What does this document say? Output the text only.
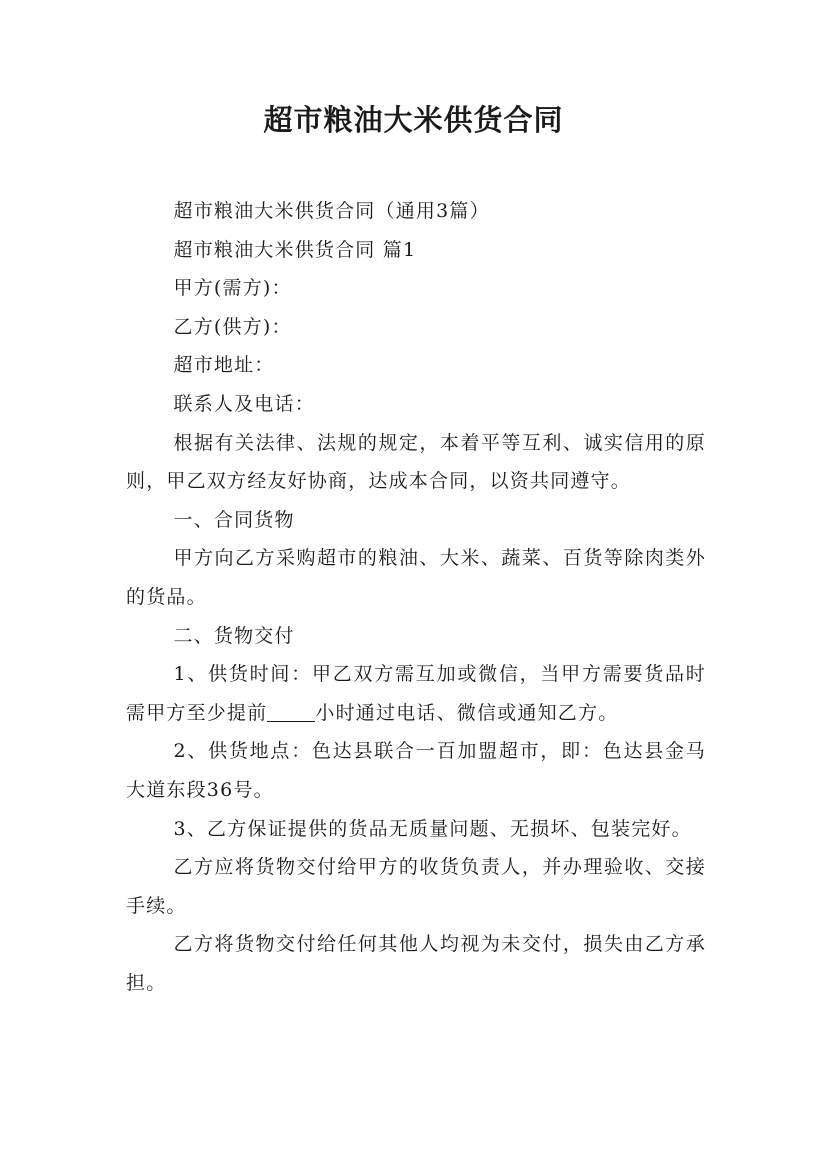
超市粮油大米供货合同

超市粮油大米供货合同（通用3篇）

超市粮油大米供货合同 篇1

甲方(需方)：

乙方(供方)：

超市地址：

联系人及电话：

根据有关法律、法规的规定，本着平等互利、诚实信用的原则，甲乙双方经友好协商，达成本合同，以资共同遵守。

一、合同货物

甲方向乙方采购超市的粮油、大米、蔬菜、百货等除肉类外的货品。

二、货物交付

1、供货时间：甲乙双方需互加或微信，当甲方需要货品时需甲方至少提前	小时通过电话、微信或通知乙方。

2、供货地点：色达县联合一百加盟超市，即：色达县金马大道东段36号。

3、乙方保证提供的货品无质量问题、无损坏、包装完好。

乙方应将货物交付给甲方的收货负责人，并办理验收、交接手续。

乙方将货物交付给任何其他人均视为未交付，损失由乙方承担。
